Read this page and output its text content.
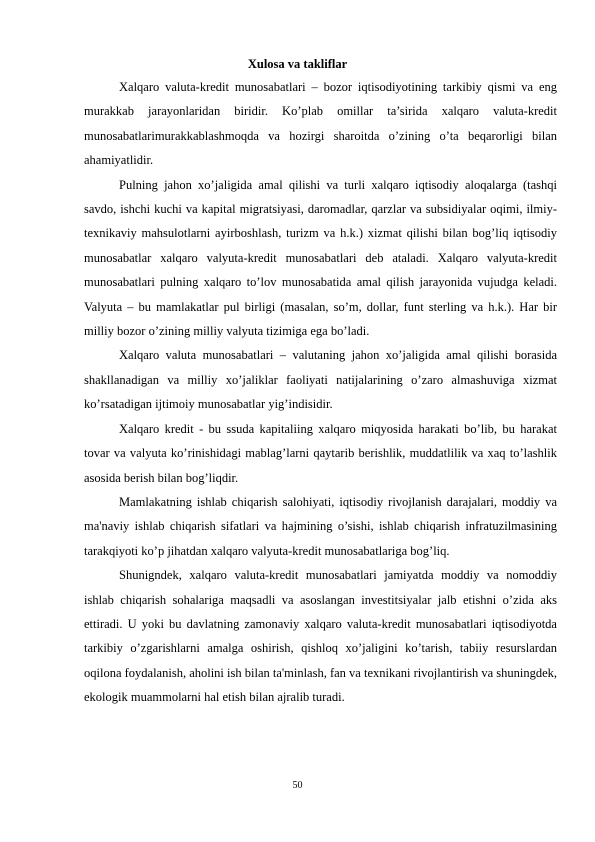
Xulosa va takliflar

Xalqaro valuta-kredit munosabatlari – bozor iqtisodiyotining tarkibiy qismi va eng murakkab jarayonlaridan biridir. Ko’plab omillar ta’sirida xalqaro valuta-kredit munosabatlarimurakkablashmoqda va hozirgi sharoitda o’zining o’ta beqarorligi bilan ahamiyatlidir.

Pulning jahon xo’jaligida amal qilishi va turli xalqaro iqtisodiy aloqalarga (tashqi savdo, ishchi kuchi va kapital migratsiyasi, daromadlar, qarzlar va subsidiyalar oqimi, ilmiy-texnikaviy mahsulotlarni ayirboshlash, turizm va h.k.) xizmat qilishi bilan bog’liq iqtisodiy munosabatlar xalqaro valyuta-kredit munosabatlari deb ataladi. Xalqaro valyuta-kredit munosabatlari pulning xalqaro to’lov munosabatida amal qilish jarayonida vujudga keladi. Valyuta – bu mamlakatlar pul birligi (masalan, so’m, dollar, funt sterling va h.k.). Har bir milliy bozor o’zining milliy valyuta tizimiga ega bo’ladi.

Xalqaro valuta munosabatlari – valutaning jahon xo’jaligida amal qilishi borasida shakllanadigan va milliy xo’jaliklar faoliyati natijalarining o’zaro almashuviga xizmat ko’rsatadigan ijtimoiy munosabatlar yig’indisidir.

Xalqaro kredit - bu ssuda kapitaliing xalqaro miqyosida harakati bo’lib, bu harakat tovar va valyuta ko’rinishidagi mablag’larni qaytarib berishlik, muddatlilik va xaq to’lashlik asosida berish bilan bog’liqdir.

Mamlakatning ishlab chiqarish salohiyati, iqtisodiy rivojlanish darajalari, moddiy va ma'naviy ishlab chiqarish sifatlari va hajmining o’sishi, ishlab chiqarish infratuzilmasining tarakqiyoti ko’p jihatdan xalqaro valyuta-kredit munosabatlariga bog’liq.

Shunigndek, xalqaro valuta-kredit munosabatlari jamiyatda moddiy va nomoddiy ishlab chiqarish sohalariga maqsadli va asoslangan investitsiyalar jalb etishni o’zida aks ettiradi. U yoki bu davlatning zamonaviy xalqaro valuta-kredit munosabatlari iqtisodiyotda tarkibiy o’zgarishlarni amalga oshirish, qishloq xo’jaligini ko’tarish, tabiiy resurslardan oqilona foydalanish, aholini ish bilan ta'minlash, fan va texnikani rivojlantirish va shuningdek, ekologik muammolarni hal etish bilan ajralib turadi.

50
